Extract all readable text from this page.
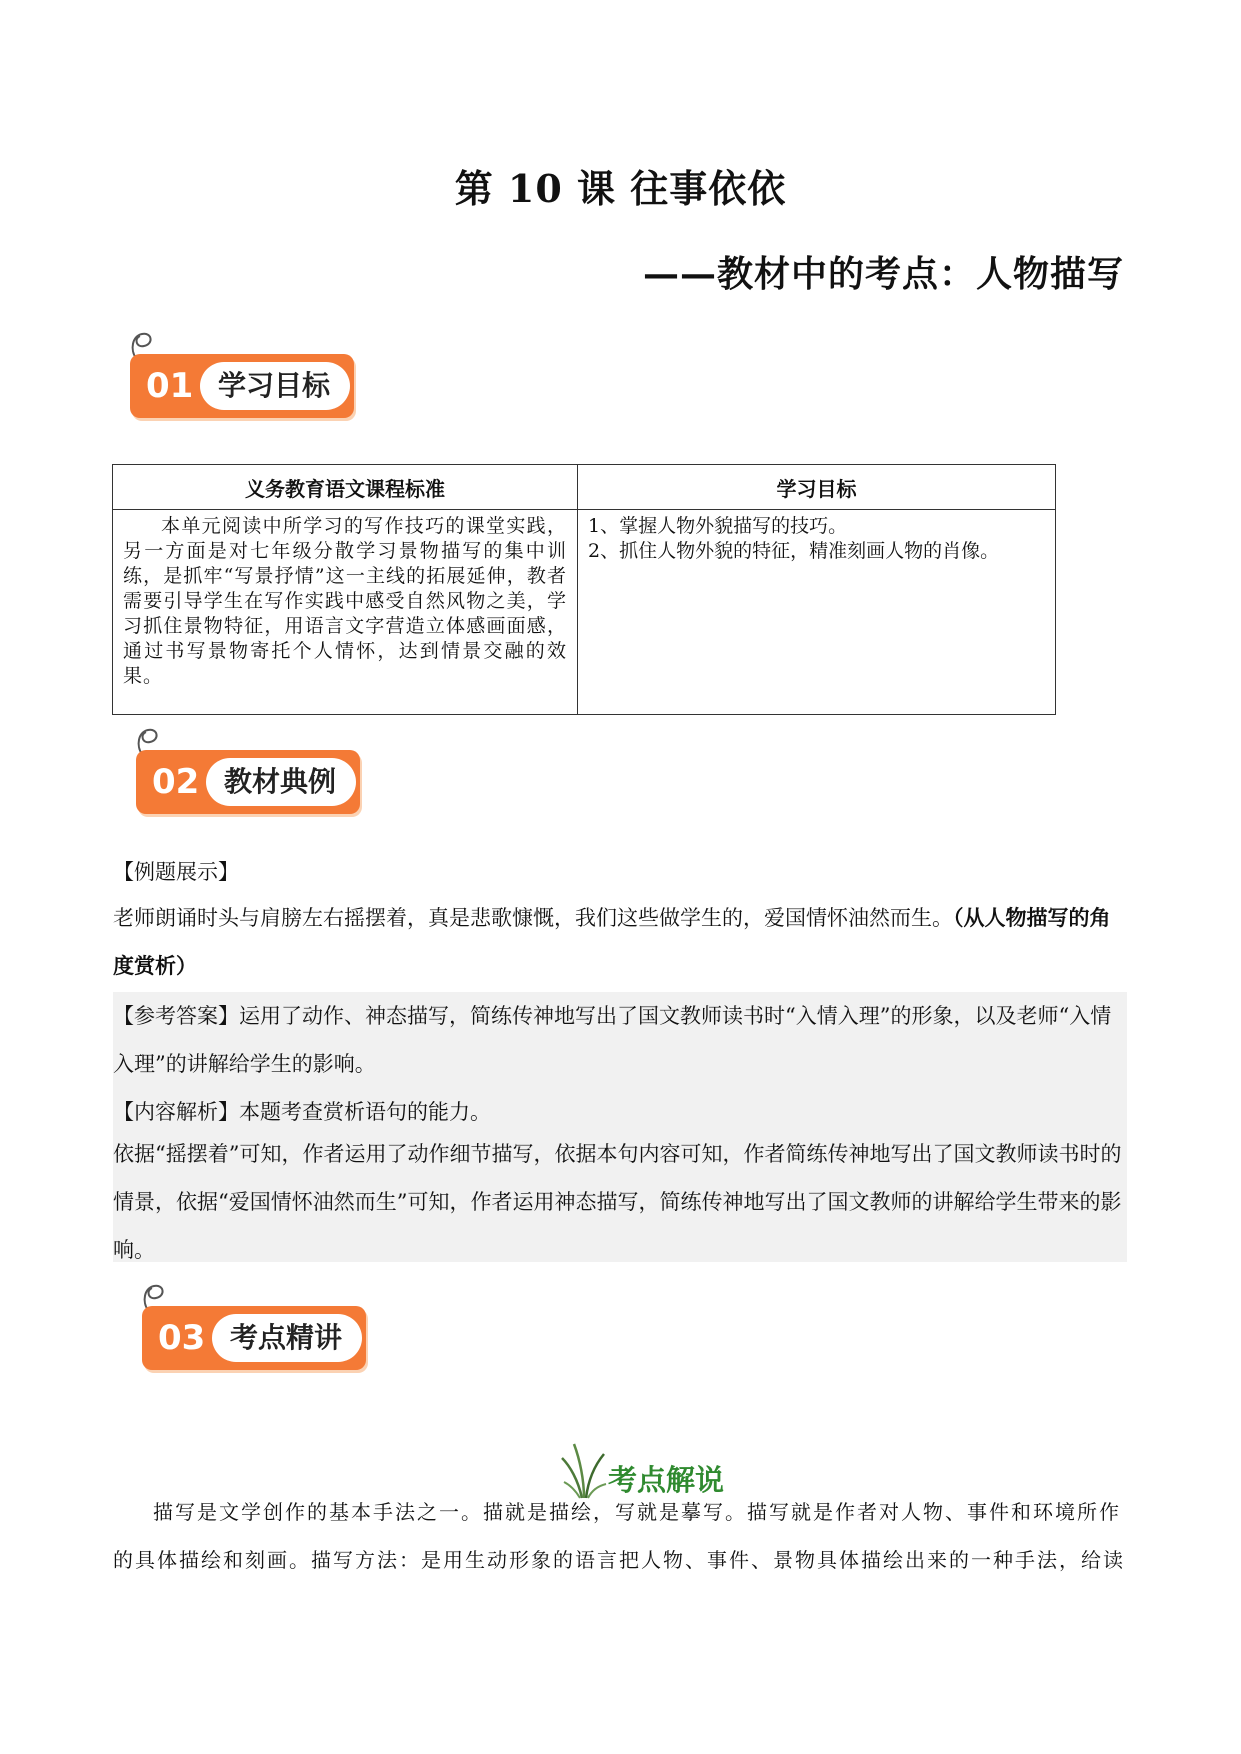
第 10 课 往事依依
——教材中的考点：人物描写
01 学习目标
义务教育语文课程标准	学习目标
本单元阅读中所学习的写作技巧的课堂实践，另一方面是对七年级分散学习景物描写的集中训练，是抓牢“写景抒情”这一主线的拓展延伸，教者需要引导学生在写作实践中感受自然风物之美，学习抓住景物特征，用语言文字营造立体感画面感，通过书写景物寄托个人情怀，达到情景交融的效果。	1、掌握人物外貌描写的技巧。
2、抓住人物外貌的特征，精准刻画人物的肖像。
02 教材典例
【例题展示】
老师朗诵时头与肩膀左右摇摆着，真是悲歌慷慨，我们这些做学生的，爱国情怀油然而生。（从人物描写的角度赏析）
【参考答案】运用了动作、神态描写，简练传神地写出了国文教师读书时“入情入理”的形象，以及老师“入情入理”的讲解给学生的影响。
【内容解析】本题考查赏析语句的能力。
依据“摇摆着”可知，作者运用了动作细节描写，依据本句内容可知，作者简练传神地写出了国文教师读书时的情景，依据“爱国情怀油然而生”可知，作者运用神态描写，简练传神地写出了国文教师的讲解给学生带来的影响。
03 考点精讲
考点解说
描写是文学创作的基本手法之一。描就是描绘，写就是摹写。描写就是作者对人物、事件和环境所作的具体描绘和刻画。描写方法：是用生动形象的语言把人物、事件、景物具体描绘出来的一种手法，给读
